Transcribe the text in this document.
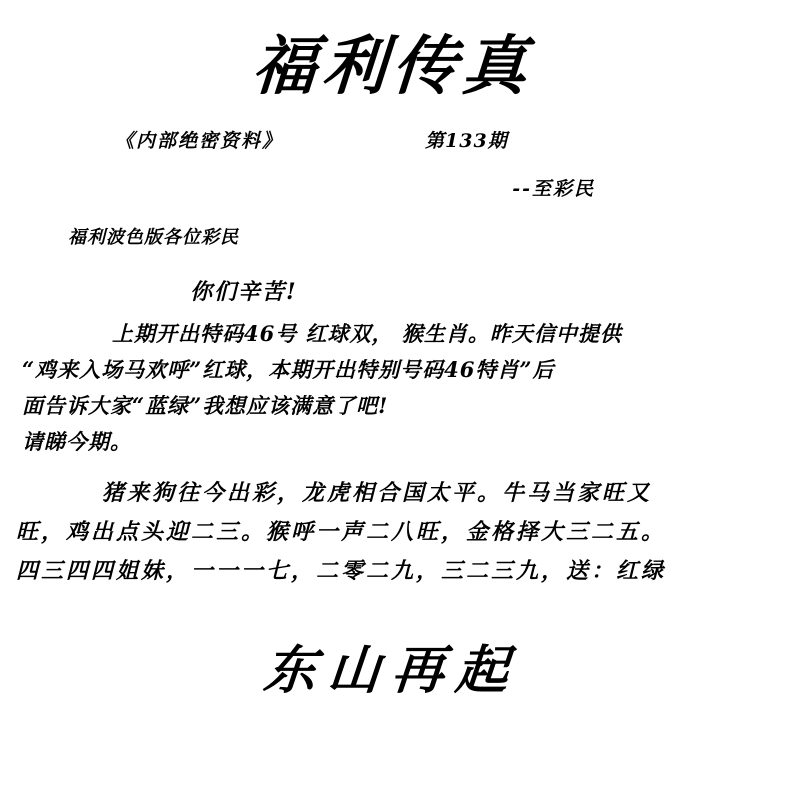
福利传真
《内部绝密资料》	第133期
--至彩民
福利波色版各位彩民
你们辛苦!

上期开出特码46号 红球双， 猴生肖。昨天信中提供

“鸡来入场马欢呼”红球，本期开出特别号码46特肖”后

面告诉大家“蓝绿”我想应该满意了吧!

请睇今期。

猪来狗往今出彩，龙虎相合国太平。牛马当家旺又

旺，鸡出点头迎二三。猴呼一声二八旺，金格择大三二五。

四三四四姐妹，一一一七，二零二九，三二三九，送：红绿

东山再起
